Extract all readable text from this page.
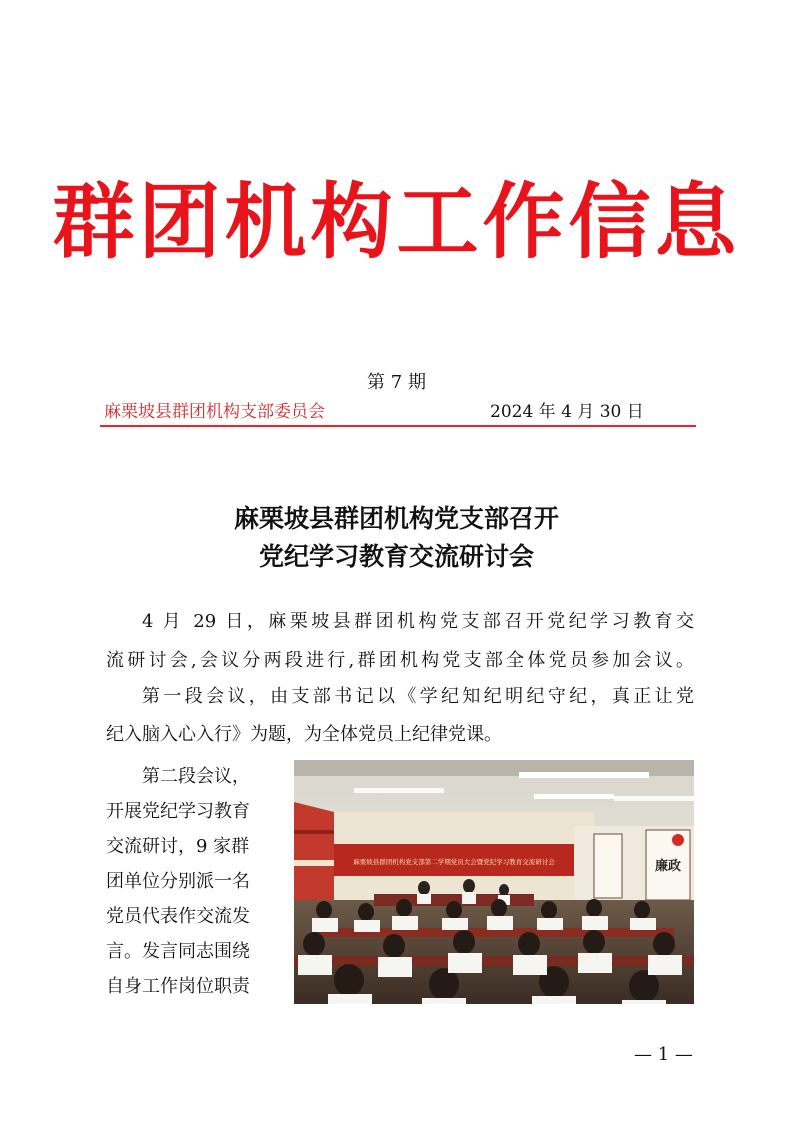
群团机构工作信息
第 7 期
麻栗坡县群团机构支部委员会	2024 年 4 月 30 日
麻栗坡县群团机构党支部召开
党纪学习教育交流研讨会
4 月 29 日，麻栗坡县群团机构党支部召开党纪学习教育交
流研讨会,会议分两段进行,群团机构党支部全体党员参加会议。
第一段会议，由支部书记以《学纪知纪明纪守纪，真正让党
纪入脑入心入行》为题，为全体党员上纪律党课。
第二段会议，
开展党纪学习教育
交流研讨，9 家群
团单位分别派一名
党员代表作交流发
言。发言同志围绕
自身工作岗位职责
麻栗坡县群团机构党支部第二学期党员大会暨党纪学习教育交流研讨会	廉政
— 1 —
